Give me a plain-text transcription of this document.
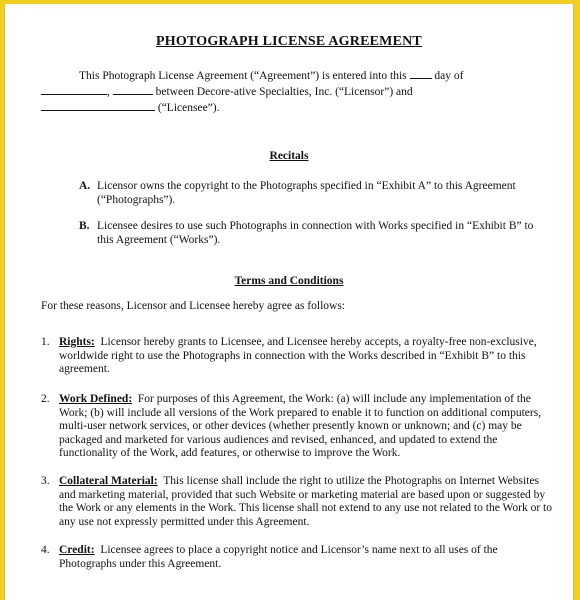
PHOTOGRAPH LICENSE AGREEMENT
This Photograph License Agreement (“Agreement”) is entered into this day of
,	between Decore-ative Specialties, Inc. (“Licensor”) and
(“Licensee”).
Recitals
A. Licensor owns the copyright to the Photographs specified in “Exhibit A” to this Agreement (“Photographs”).
B. Licensee desires to use such Photographs in connection with Works specified in “Exhibit B” to this Agreement (“Works”).
Terms and Conditions
For these reasons, Licensor and Licensee hereby agree as follows:
1. Rights: Licensor hereby grants to Licensee, and Licensee hereby accepts, a royalty-free non-exclusive, worldwide right to use the Photographs in connection with the Works described in “Exhibit B” to this agreement.
2. Work Defined: For purposes of this Agreement, the Work: (a) will include any implementation of the Work; (b) will include all versions of the Work prepared to enable it to function on additional computers, multi-user network services, or other devices (whether presently known or unknown; and (c) may be packaged and marketed for various audiences and revised, enhanced, and updated to extend the functionality of the Work, add features, or otherwise to improve the Work.
3. Collateral Material: This license shall include the right to utilize the Photographs on Internet Websites and marketing material, provided that such Website or marketing material are based upon or suggested by the Work or any elements in the Work. This license shall not extend to any use not related to the Work or to any use not expressly permitted under this Agreement.
4. Credit: Licensee agrees to place a copyright notice and Licensor’s name next to all uses of the Photographs under this Agreement.
